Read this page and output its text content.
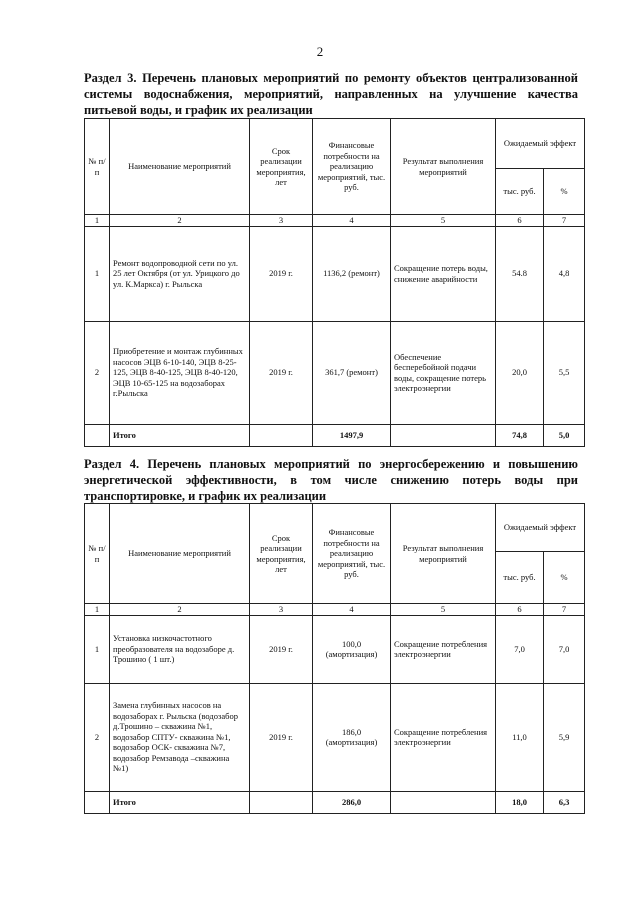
2
Раздел 3. Перечень плановых мероприятий по ремонту объектов централизованной системы водоснабжения, мероприятий, направленных на улучшение качества питьевой воды, и график их реализации
№ п/п	Наименование мероприятий	Срок реализации мероприятия, лет	Финансовые потребности на реализацию мероприятий, тыс. руб.	Результат выполнения мероприятий	Ожидаемый эффект	
					тыс. руб.	%
1	2	3	4	5	6	7
1	Ремонт водопроводной сети по ул. 25 лет Октября (от ул. Урицкого до ул. К.Маркса) г. Рыльска	2019 г.	1136,2 (ремонт)	Сокращение потерь воды, снижение аварийности	54.8	4,8
2	Приобретение и монтаж глубинных насосов ЭЦВ 6-10-140, ЭЦВ 8-25-125, ЭЦВ 8-40-125, ЭЦВ 8-40-120, ЭЦВ 10-65-125 на водозаборах г.Рыльска	2019 г.	361,7 (ремонт)	Обеспечение бесперебойной подачи воды, сокращение потерь электроэнергии	20,0	5,5
	Итого		1497,9		74,8	5,0
Раздел 4. Перечень плановых мероприятий по энергосбережению и повышению энергетической эффективности, в том числе снижению потерь воды при транспортировке, и график их реализации
№ п/п	Наименование мероприятий	Срок реализации мероприятия, лет	Финансовые потребности на реализацию мероприятий, тыс. руб.	Результат выполнения мероприятий	Ожидаемый эффект	
					тыс. руб.	%
1	2	3	4	5	6	7
1	Установка низкочастотного преобразователя на водозаборе д. Трошино ( 1 шт.)	2019 г.	100,0 (амортизация)	Сокращение потребления электроэнергии	7,0	7,0
2	Замена глубинных насосов на водозаборах г. Рыльска (водозабор д.Трошино – скважина №1, водозабор СПТУ- скважина №1, водозабор ОСК- скважина №7, водозабор Ремзавода –скважина №1)	2019 г.	186,0 (амортизация)	Сокращение потребления электроэнергии	11,0	5,9
	Итого		286,0		18,0	6,3
